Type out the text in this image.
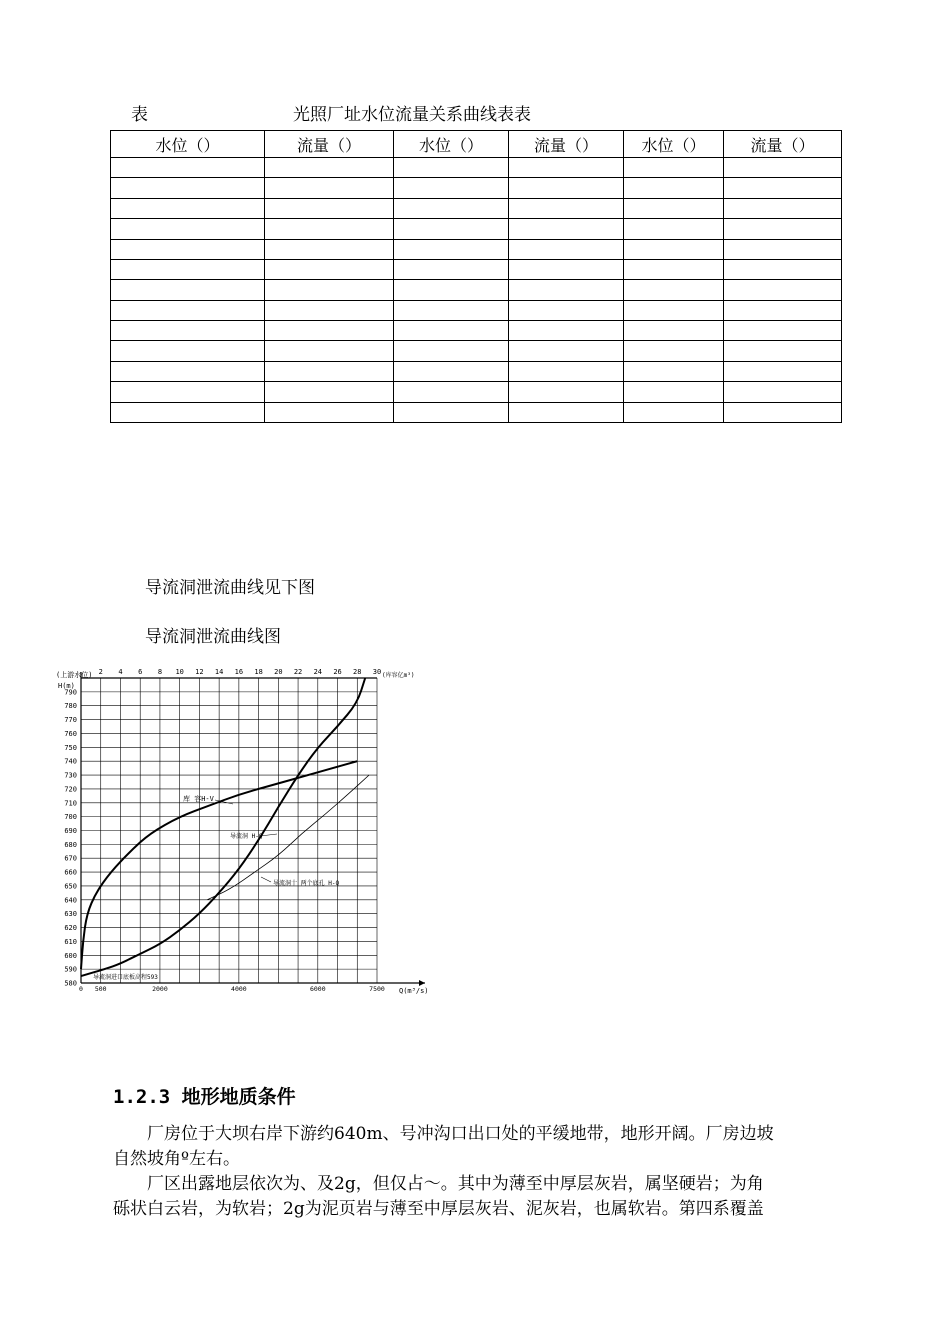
表	光照厂址水位流量关系曲线表表
水位（）	流量（）	水位（）	流量（）	水位（）	流量（）

导流洞泄流曲线见下图
导流洞泄流曲线图
580
590
600
610
620
630
640
650
660
670
680
690
700
710
720
730
740
750
760
770
780
790
2 4 6 8 10 12 14 16 18 20 22 24 26 28 30
0 500	2000	4000	6000	7500
(上游水位)
H(m)
(库容亿m³)
Q(m³/s)
库 容H-V
导流洞 H-Q
导流洞十 两个底孔 H-Q
导流洞进口底板高程593
1.2.3 地形地质条件
　　厂房位于大坝右岸下游约640m、号冲沟口出口处的平缓地带，地形开阔。厂房边坡
自然坡角º左右。
　　厂区出露地层依次为、及2g，但仅占～。其中为薄至中厚层灰岩，属坚硬岩；为角
砾状白云岩，为软岩；2g为泥页岩与薄至中厚层灰岩、泥灰岩，也属软岩。第四系覆盖
